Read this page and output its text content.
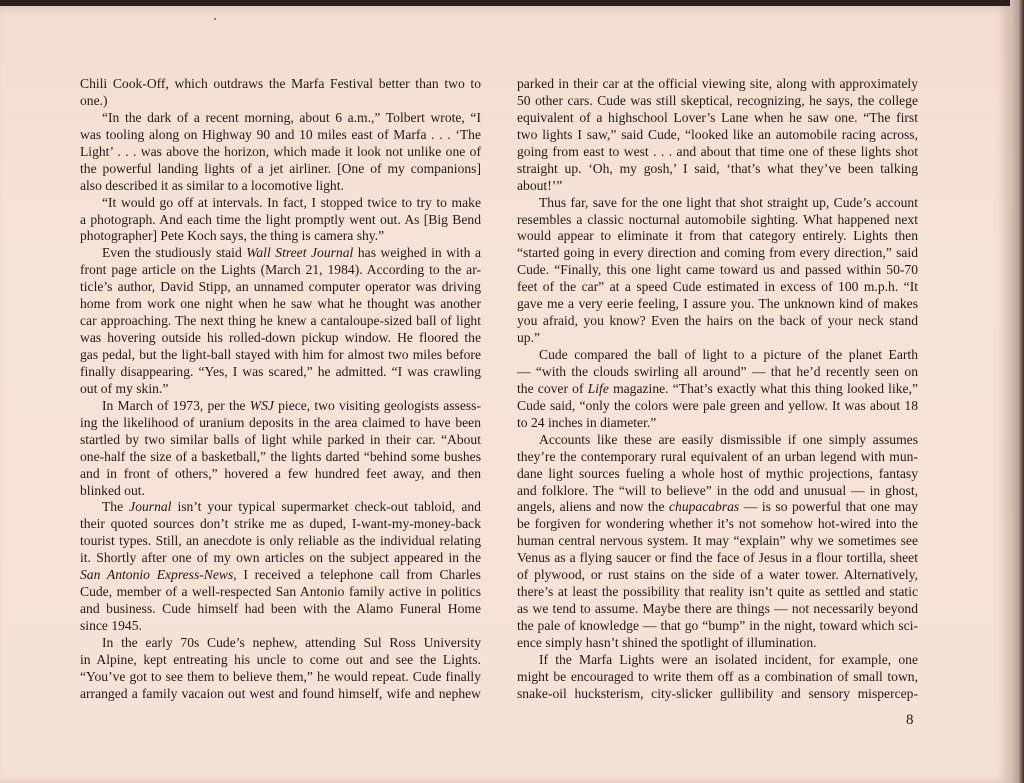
Chili Cook-Off, which outdraws the Marfa Festival better than two to
one.)
“In the dark of a recent morning, about 6 a.m.,” Tolbert wrote, “I
was tooling along on Highway 90 and 10 miles east of Marfa . . . ‘The
Light’ . . . was above the horizon, which made it look not unlike one of
the powerful landing lights of a jet airliner. [One of my companions]
also described it as similar to a locomotive light.
“It would go off at intervals. In fact, I stopped twice to try to make
a photograph. And each time the light promptly went out. As [Big Bend
photographer] Pete Koch says, the thing is camera shy.”
Even the studiously staid Wall Street Journal has weighed in with a
front page article on the Lights (March 21, 1984). According to the ar-
ticle’s author, David Stipp, an unnamed computer operator was driving
home from work one night when he saw what he thought was another
car approaching. The next thing he knew a cantaloupe-sized ball of light
was hovering outside his rolled-down pickup window. He floored the
gas pedal, but the light-ball stayed with him for almost two miles before
finally disappearing. “Yes, I was scared,” he admitted. “I was crawling
out of my skin.”
In March of 1973, per the WSJ piece, two visiting geologists assess-
ing the likelihood of uranium deposits in the area claimed to have been
startled by two similar balls of light while parked in their car. “About
one-half the size of a basketball,” the lights darted “behind some bushes
and in front of others,” hovered a few hundred feet away, and then
blinked out.
The Journal isn’t your typical supermarket check-out tabloid, and
their quoted sources don’t strike me as duped, I-want-my-money-back
tourist types. Still, an anecdote is only reliable as the individual relating
it. Shortly after one of my own articles on the subject appeared in the
San Antonio Express-News, I received a telephone call from Charles
Cude, member of a well-respected San Antonio family active in politics
and business. Cude himself had been with the Alamo Funeral Home
since 1945.
In the early 70s Cude’s nephew, attending Sul Ross University
in Alpine, kept entreating his uncle to come out and see the Lights.
“You’ve got to see them to believe them,” he would repeat. Cude finally
arranged a family vacaion out west and found himself, wife and nephew
parked in their car at the official viewing site, along with approximately
50 other cars. Cude was still skeptical, recognizing, he says, the college
equivalent of a highschool Lover’s Lane when he saw one. “The first
two lights I saw,” said Cude, “looked like an automobile racing across,
going from east to west . . . and about that time one of these lights shot
straight up. ‘Oh, my gosh,’ I said, ‘that’s what they’ve been talking
about!’”
Thus far, save for the one light that shot straight up, Cude’s account
resembles a classic nocturnal automobile sighting. What happened next
would appear to eliminate it from that category entirely. Lights then
“started going in every direction and coming from every direction,” said
Cude. “Finally, this one light came toward us and passed within 50-70
feet of the car” at a speed Cude estimated in excess of 100 m.p.h. “It
gave me a very eerie feeling, I assure you. The unknown kind of makes
you afraid, you know? Even the hairs on the back of your neck stand
up.”
Cude compared the ball of light to a picture of the planet Earth
— “with the clouds swirling all around” — that he’d recently seen on
the cover of Life magazine. “That’s exactly what this thing looked like,”
Cude said, “only the colors were pale green and yellow. It was about 18
to 24 inches in diameter.”
Accounts like these are easily dismissible if one simply assumes
they’re the contemporary rural equivalent of an urban legend with mun-
dane light sources fueling a whole host of mythic projections, fantasy
and folklore. The “will to believe” in the odd and unusual — in ghost,
angels, aliens and now the chupacabras — is so powerful that one may
be forgiven for wondering whether it’s not somehow hot-wired into the
human central nervous system. It may “explain” why we sometimes see
Venus as a flying saucer or find the face of Jesus in a flour tortilla, sheet
of plywood, or rust stains on the side of a water tower. Alternatively,
there’s at least the possibility that reality isn’t quite as settled and static
as we tend to assume. Maybe there are things — not necessarily beyond
the pale of knowledge — that go “bump” in the night, toward which sci-
ence simply hasn’t shined the spotlight of illumination.
If the Marfa Lights were an isolated incident, for example, one
might be encouraged to write them off as a combination of small town,
snake-oil hucksterism, city-slicker gullibility and sensory mispercep-
8
